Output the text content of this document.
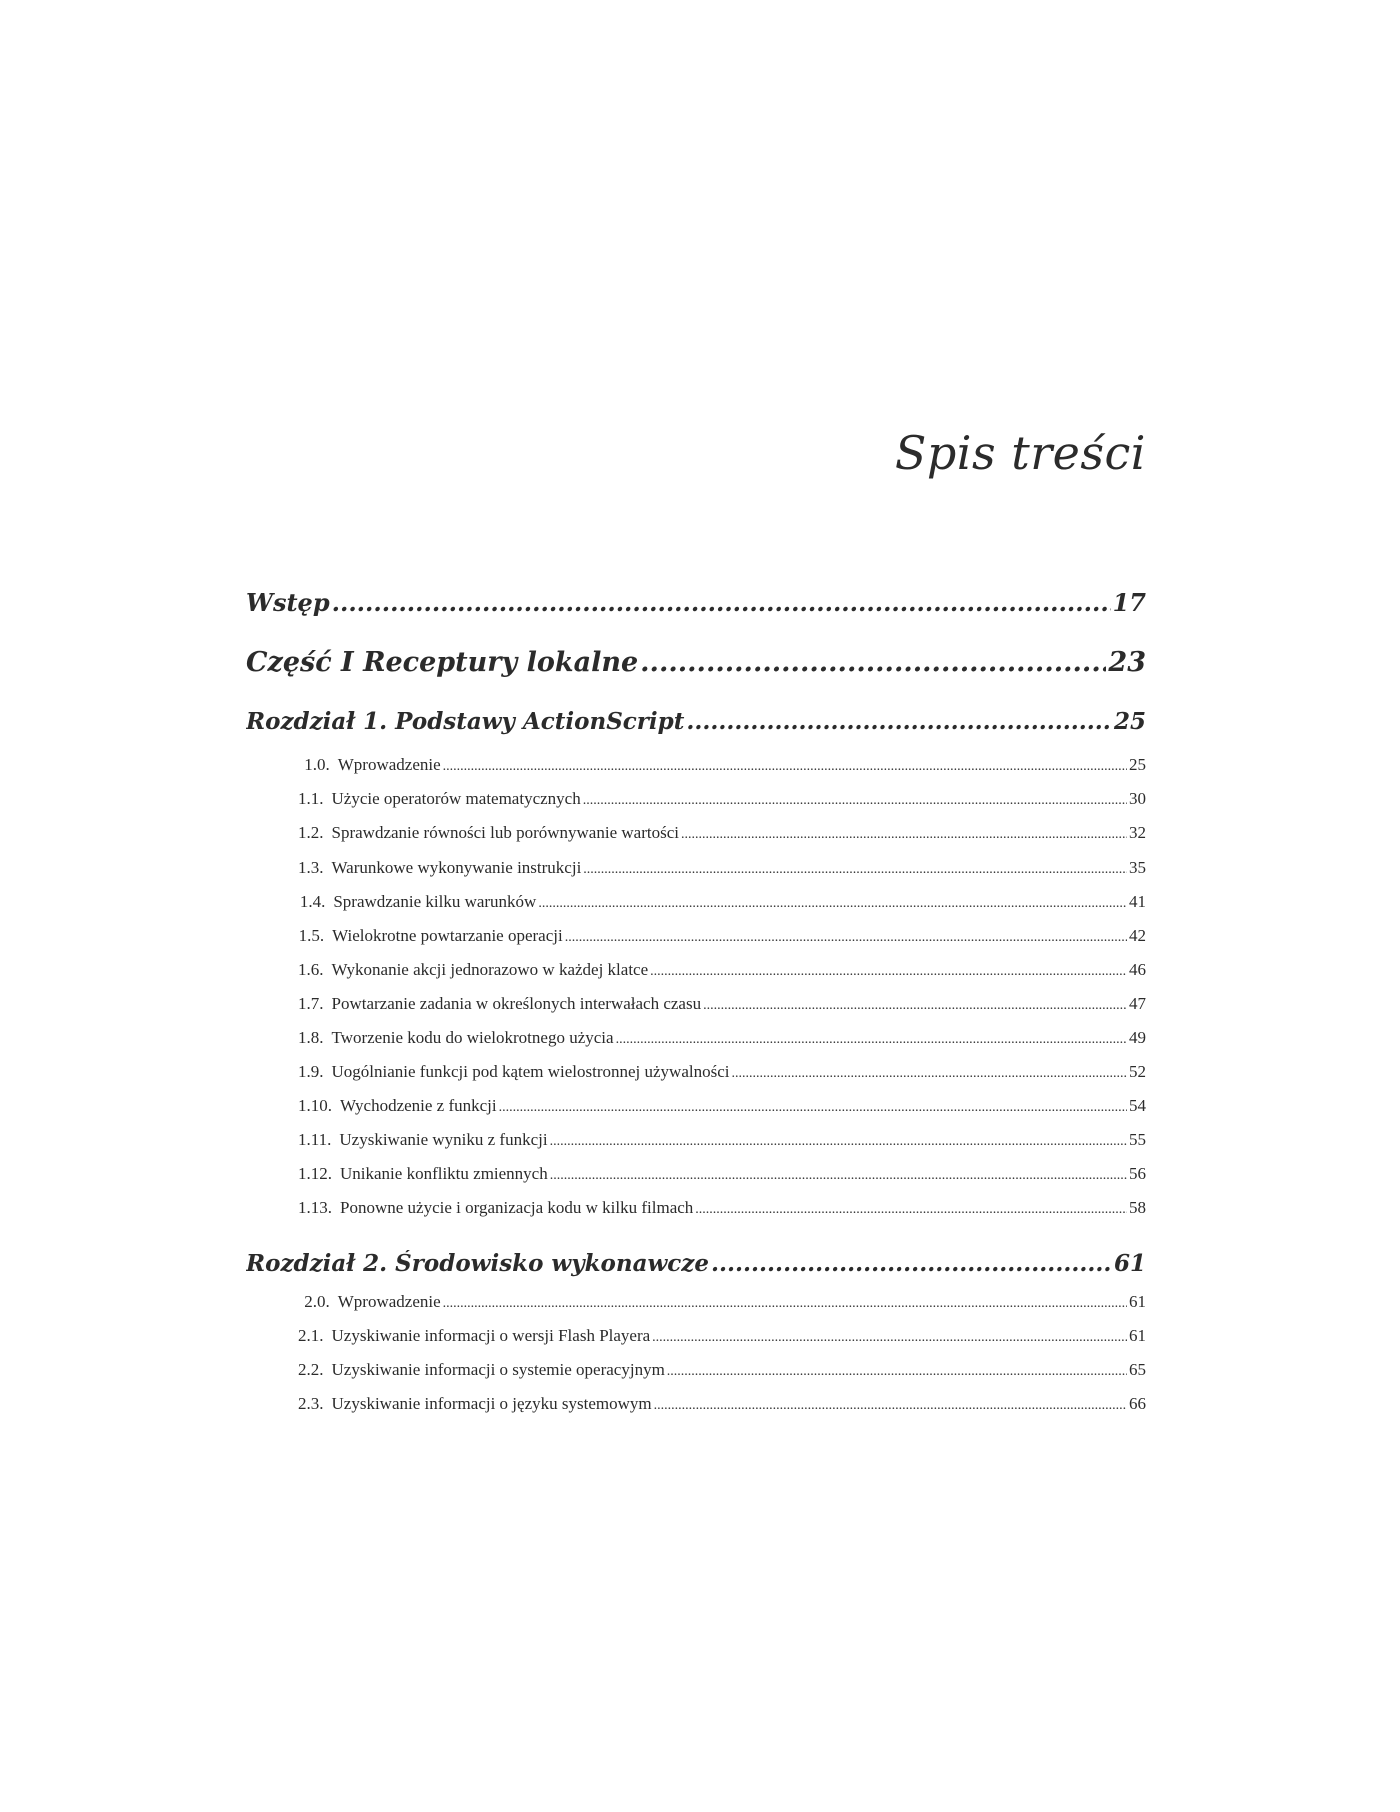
Spis treści
Wstęp .....	17
Część I Receptury lokalne .....	23
Rozdział 1. Podstawy ActionScript .....	25
1.0. Wprowadzenie .....	25
1.1. Użycie operatorów matematycznych .....	30
1.2. Sprawdzanie równości lub porównywanie wartości .....	32
1.3. Warunkowe wykonywanie instrukcji .....	35
1.4. Sprawdzanie kilku warunków .....	41
1.5. Wielokrotne powtarzanie operacji .....	42
1.6. Wykonanie akcji jednorazowo w każdej klatce .....	46
1.7. Powtarzanie zadania w określonych interwałach czasu .....	47
1.8. Tworzenie kodu do wielokrotnego użycia .....	49
1.9. Uogólnianie funkcji pod kątem wielostronnej używalności .....	52
1.10. Wychodzenie z funkcji .....	54
1.11. Uzyskiwanie wyniku z funkcji .....	55
1.12. Unikanie konfliktu zmiennych .....	56
1.13. Ponowne użycie i organizacja kodu w kilku filmach .....	58
Rozdział 2. Środowisko wykonawcze .....	61
2.0. Wprowadzenie .....	61
2.1. Uzyskiwanie informacji o wersji Flash Playera .....	61
2.2. Uzyskiwanie informacji o systemie operacyjnym .....	65
2.3. Uzyskiwanie informacji o języku systemowym .....	66
